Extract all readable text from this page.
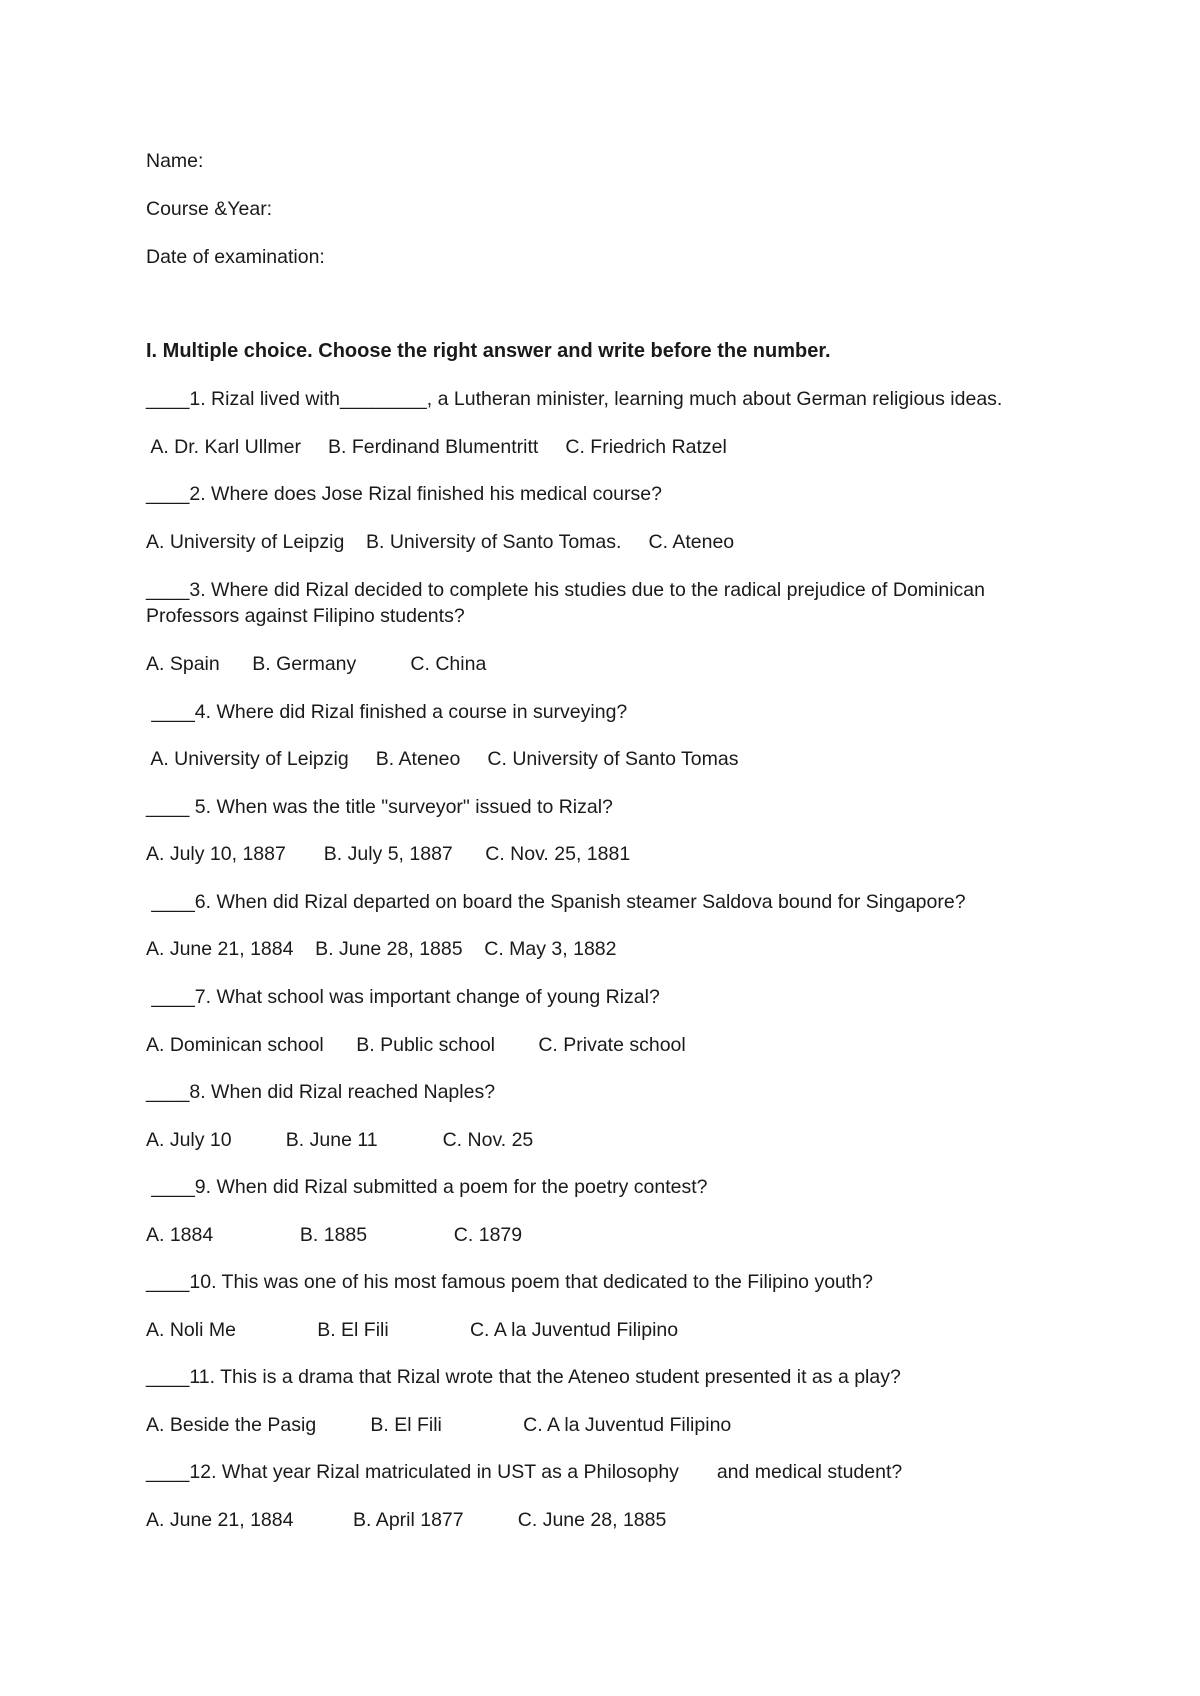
Name:
Course &Year:
Date of examination:
I. Multiple choice. Choose the right answer and write before the number.
____1. Rizal lived with________, a Lutheran minister, learning much about German religious ideas.
A. Dr. Karl Ullmer     B. Ferdinand Blumentritt     C. Friedrich Ratzel
____2. Where does Jose Rizal finished his medical course?
A. University of Leipzig    B. University of Santo Tomas.     C. Ateneo
____3. Where did Rizal decided to complete his studies due to the radical prejudice of Dominican Professors against Filipino students?
A. Spain      B. Germany          C. China
____4. Where did Rizal finished a course in surveying?
A. University of Leipzig     B. Ateneo     C. University of Santo Tomas
____ 5. When was the title "surveyor" issued to Rizal?
A. July 10, 1887       B. July 5, 1887      C. Nov. 25, 1881
____6. When did Rizal departed on board the Spanish steamer Saldova bound for Singapore?
A. June 21, 1884    B. June 28, 1885    C. May 3, 1882
____7. What school was important change of young Rizal?
A. Dominican school      B. Public school        C. Private school
____8. When did Rizal reached Naples?
A. July 10          B. June 11            C. Nov. 25
____9. When did Rizal submitted a poem for the poetry contest?
A. 1884                B. 1885                C. 1879
____10. This was one of his most famous poem that dedicated to the Filipino youth?
A. Noli Me               B. El Fili               C. A la Juventud Filipino
____11. This is a drama that Rizal wrote that the Ateneo student presented it as a play?
A. Beside the Pasig          B. El Fili               C. A la Juventud Filipino
____12. What year Rizal matriculated in UST as a Philosophy       and medical student?
A. June 21, 1884           B. April 1877          C. June 28, 1885
